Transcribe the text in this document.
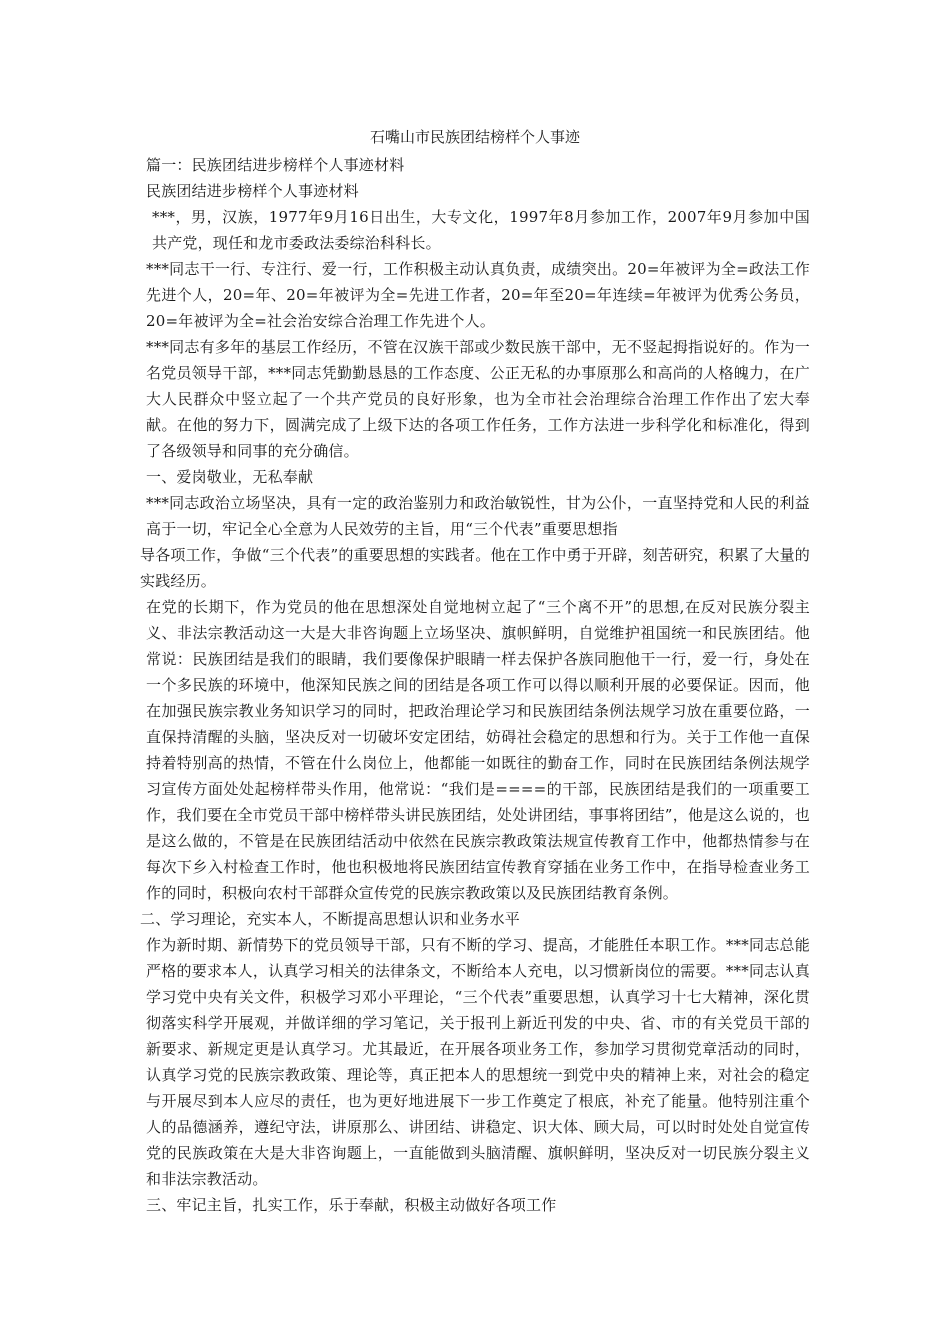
石嘴山市民族团结榜样个人事迹

篇一：民族团结进步榜样个人事迹材料

民族团结进步榜样个人事迹材料

***，男，汉族，1977年9月16日出生，大专文化，1997年8月参加工作，2007年9月参加中国共产党，现任和龙市委政法委综治科科长。

***同志干一行、专注行、爱一行，工作积极主动认真负责，成绩突出。20=年被评为全=政法工作先进个人，20=年、20=年被评为全=先进工作者，20=年至20=年连续=年被评为优秀公务员，20=年被评为全=社会治安综合治理工作先进个人。

***同志有多年的基层工作经历，不管在汉族干部或少数民族干部中，无不竖起拇指说好的。作为一名党员领导干部，***同志凭勤勤恳恳的工作态度、公正无私的办事原那么和高尚的人格魄力，在广大人民群众中竖立起了一个共产党员的良好形象，也为全市社会治理综合治理工作作出了宏大奉献。在他的努力下，圆满完成了上级下达的各项工作任务，工作方法进一步科学化和标准化，得到了各级领导和同事的充分确信。

一、爱岗敬业，无私奉献

***同志政治立场坚决，具有一定的政治鉴别力和政治敏锐性，甘为公仆，一直坚持党和人民的利益高于一切，牢记全心全意为人民效劳的主旨，用“三个代表”重要思想指

导各项工作，争做“三个代表”的重要思想的实践者。他在工作中勇于开辟，刻苦研究，积累了大量的实践经历。

在党的长期下，作为党员的他在思想深处自觉地树立起了“三个离不开”的思想,在反对民族分裂主义、非法宗教活动这一大是大非咨询题上立场坚决、旗帜鲜明，自觉维护祖国统一和民族团结。他常说：民族团结是我们的眼睛，我们要像保护眼睛一样去保护各族同胞他干一行，爱一行，身处在一个多民族的环境中，他深知民族之间的团结是各项工作可以得以顺利开展的必要保证。因而，他在加强民族宗教业务知识学习的同时，把政治理论学习和民族团结条例法规学习放在重要位路，一直保持清醒的头脑，坚决反对一切破坏安定团结，妨碍社会稳定的思想和行为。关于工作他一直保持着特别高的热情，不管在什么岗位上，他都能一如既往的勤奋工作，同时在民族团结条例法规学习宣传方面处处起榜样带头作用，他常说：“我们是====的干部，民族团结是我们的一项重要工作，我们要在全市党员干部中榜样带头讲民族团结，处处讲团结，事事将团结”，他是这么说的，也是这么做的，不管是在民族团结活动中依然在民族宗教政策法规宣传教育工作中，他都热情参与在每次下乡入村检查工作时，他也积极地将民族团结宣传教育穿插在业务工作中，在指导检查业务工作的同时，积极向农村干部群众宣传党的民族宗教政策以及民族团结教育条例。

二、学习理论，充实本人，不断提高思想认识和业务水平

作为新时期、新情势下的党员领导干部，只有不断的学习、提高，才能胜任本职工作。***同志总能严格的要求本人，认真学习相关的法律条文，不断给本人充电，以习惯新岗位的需要。***同志认真学习党中央有关文件，积极学习邓小平理论，“三个代表”重要思想，认真学习十七大精神，深化贯彻落实科学开展观，并做详细的学习笔记，关于报刊上新近刊发的中央、省、市的有关党员干部的新要求、新规定更是认真学习。尤其最近，在开展各项业务工作，参加学习贯彻党章活动的同时，认真学习党的民族宗教政策、理论等，真正把本人的思想统一到党中央的精神上来，对社会的稳定与开展尽到本人应尽的责任，也为更好地进展下一步工作奠定了根底，补充了能量。他特别注重个人的品德涵养，遵纪守法，讲原那么、讲团结、讲稳定、识大体、顾大局，可以时时处处自觉宣传党的民族政策在大是大非咨询题上，一直能做到头脑清醒、旗帜鲜明，坚决反对一切民族分裂主义和非法宗教活动。

三、牢记主旨，扎实工作，乐于奉献，积极主动做好各项工作
